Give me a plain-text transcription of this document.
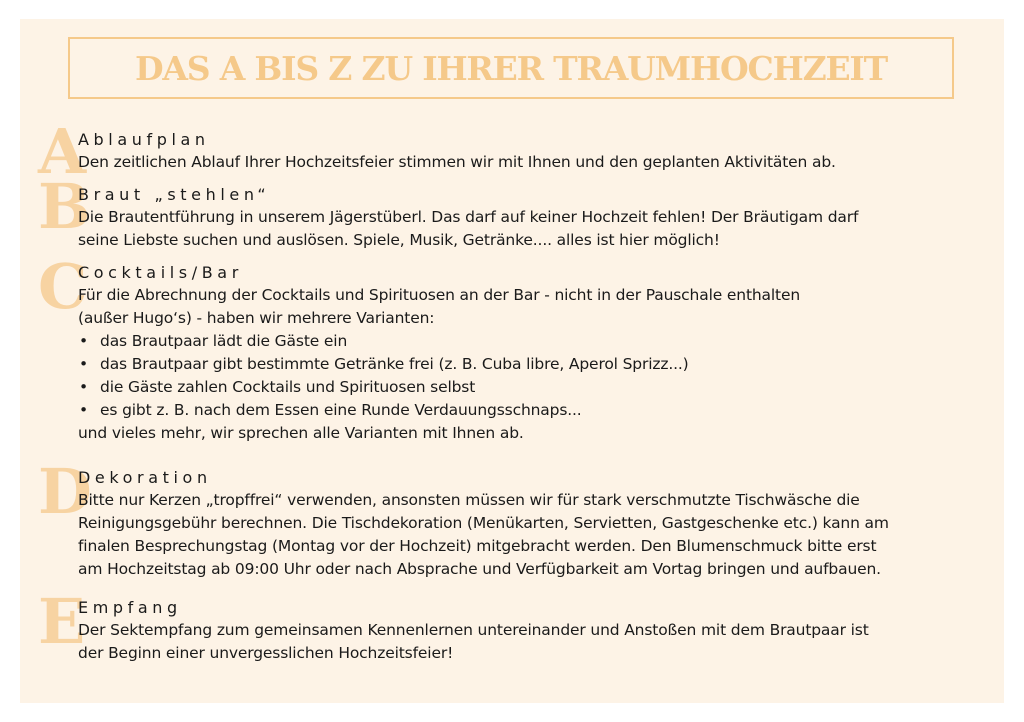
DAS A BIS Z ZU IHRER TRAUMHOCHZEIT
A
Ablaufplan

Den zeitlichen Ablauf Ihrer Hochzeitsfeier stimmen wir mit Ihnen und den geplanten Aktivitäten ab.

B
Braut „stehlen“

Die Brautentführung in unserem Jägerstüberl. Das darf auf keiner Hochzeit fehlen! Der Bräutigam darf

seine Liebste suchen und auslösen. Spiele, Musik, Getränke.... alles ist hier möglich!

C
Cocktails/Bar

Für die Abrechnung der Cocktails und Spirituosen an der Bar - nicht in der Pauschale enthalten

(außer Hugo‘s) - haben wir mehrere Varianten:

• das Brautpaar lädt die Gäste ein
• das Brautpaar gibt bestimmte Getränke frei (z. B. Cuba libre, Aperol Sprizz...)
• die Gäste zahlen Cocktails und Spirituosen selbst
• es gibt z. B. nach dem Essen eine Runde Verdauungsschnaps...

und vieles mehr, wir sprechen alle Varianten mit Ihnen ab.

D
Dekoration

Bitte nur Kerzen „tropffrei“ verwenden, ansonsten müssen wir für stark verschmutzte Tischwäsche die

Reinigungsgebühr berechnen. Die Tischdekoration (Menükarten, Servietten, Gastgeschenke etc.) kann am

finalen Besprechungstag (Montag vor der Hochzeit) mitgebracht werden. Den Blumenschmuck bitte erst

am Hochzeitstag ab 09:00 Uhr oder nach Absprache und Verfügbarkeit am Vortag bringen und aufbauen.

E
Empfang

Der Sektempfang zum gemeinsamen Kennenlernen untereinander und Anstoßen mit dem Brautpaar ist

der Beginn einer unvergesslichen Hochzeitsfeier!
